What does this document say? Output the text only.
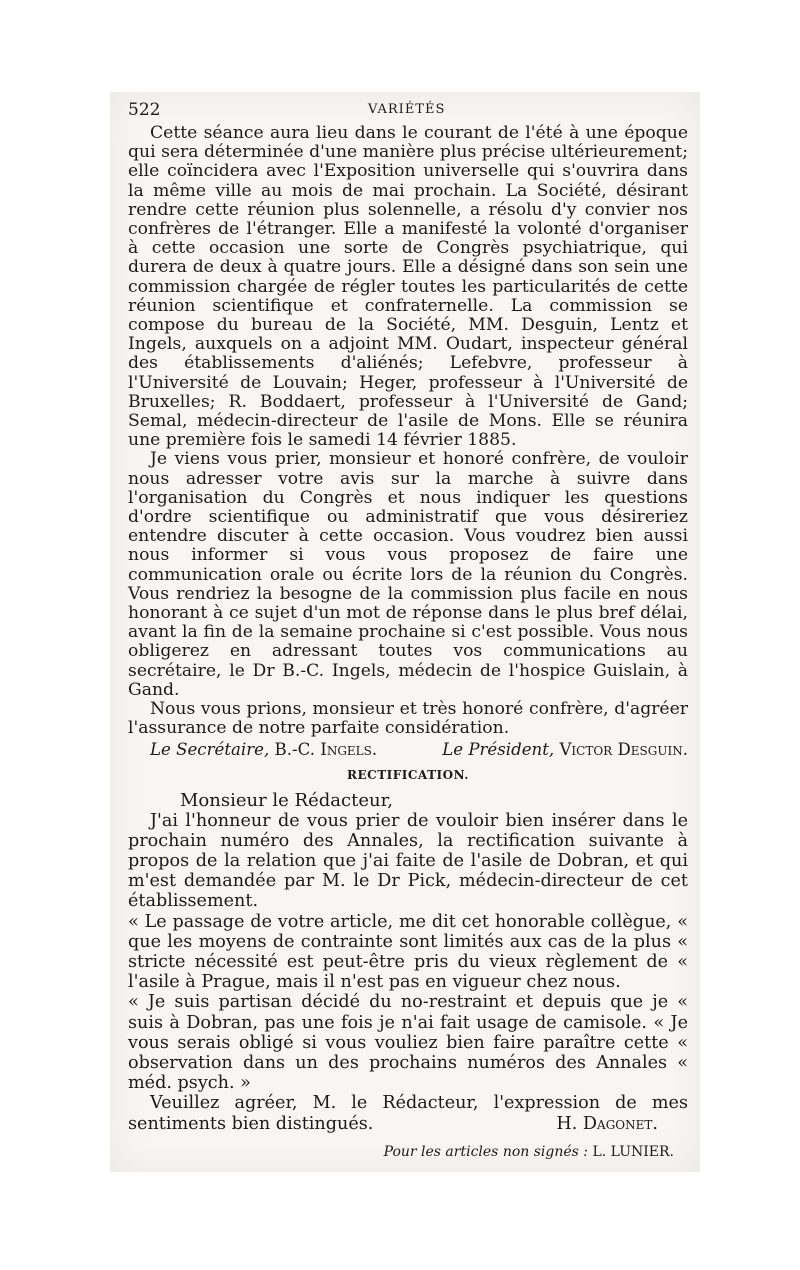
522	VARIÉTÉS

Cette séance aura lieu dans le courant de l'été à une époque qui sera déterminée d'une manière plus précise ultérieurement; elle coïncidera avec l'Exposition universelle qui s'ouvrira dans la même ville au mois de mai prochain. La Société, désirant rendre cette réunion plus solennelle, a résolu d'y convier nos confrères de l'étranger. Elle a manifesté la volonté d'organiser à cette occasion une sorte de Congrès psychiatrique, qui durera de deux à quatre jours. Elle a désigné dans son sein une commission chargée de régler toutes les particularités de cette réunion scientifique et confraternelle. La commission se compose du bureau de la Société, MM. Desguin, Lentz et Ingels, auxquels on a adjoint MM. Oudart, inspecteur général des établissements d'aliénés; Lefebvre, professeur à l'Université de Louvain; Heger, professeur à l'Université de Bruxelles; R. Boddaert, professeur à l'Université de Gand; Semal, médecin-directeur de l'asile de Mons. Elle se réunira une première fois le samedi 14 février 1885.

Je viens vous prier, monsieur et honoré confrère, de vouloir nous adresser votre avis sur la marche à suivre dans l'organisation du Congrès et nous indiquer les questions d'ordre scientifique ou administratif que vous désireriez entendre discuter à cette occasion. Vous voudrez bien aussi nous informer si vous vous proposez de faire une communication orale ou écrite lors de la réunion du Congrès. Vous rendriez la besogne de la commission plus facile en nous honorant à ce sujet d'un mot de réponse dans le plus bref délai, avant la fin de la semaine prochaine si c'est possible. Vous nous obligerez en adressant toutes vos communications au secrétaire, le Dr B.-C. Ingels, médecin de l'hospice Guislain, à Gand.

Nous vous prions, monsieur et très honoré confrère, d'agréer l'assurance de notre parfaite considération.

Le Secrétaire, B.-C. Ingels.	Le Président, Victor Desguin.
RECTIFICATION.

Monsieur le Rédacteur,

J'ai l'honneur de vous prier de vouloir bien insérer dans le prochain numéro des Annales, la rectification suivante à propos de la relation que j'ai faite de l'asile de Dobran, et qui m'est demandée par M. le Dr Pick, médecin-directeur de cet établissement.

« Le passage de votre article, me dit cet honorable collègue, « que les moyens de contrainte sont limités aux cas de la plus « stricte nécessité est peut-être pris du vieux règlement de « l'asile à Prague, mais il n'est pas en vigueur chez nous.

« Je suis partisan décidé du no-restraint et depuis que je « suis à Dobran, pas une fois je n'ai fait usage de camisole. « Je vous serais obligé si vous vouliez bien faire paraître cette « observation dans un des prochains numéros des Annales « méd. psych. »

Veuillez agréer, M. le Rédacteur, l'expression de mes sentiments bien distingués.	H. Dagonet.

Pour les articles non signés : L. LUNIER.
